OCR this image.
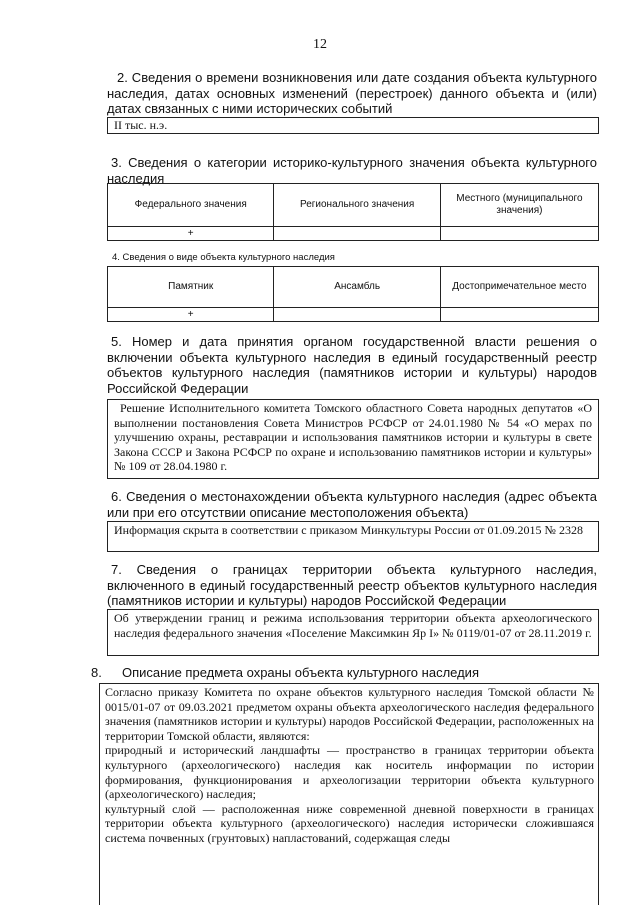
12
2. Сведения о времени возникновения или дате создания объекта культурного наследия, датах основных изменений (перестроек) данного объекта и (или) датах связанных с ними исторических событий
II тыс. н.э.
3. Сведения о категории историко-культурного значения объекта культурного наследия
Федерального значения	Регионального значения	Местного (муниципального значения)
+		
4. Сведения о виде объекта культурного наследия
Памятник	Ансамбль	Достопримечательное место
+		
5. Номер и дата принятия органом государственной власти решения о включении объекта культурного наследия в единый государственный реестр объектов культурного наследия (памятников истории и культуры) народов Российской Федерации
Решение Исполнительного комитета Томского областного Совета народных депутатов «О выполнении постановления Совета Министров РСФСР от 24.01.1980 № 54 «О мерах по улучшению охраны, реставрации и использования памятников истории и культуры в свете Закона СССР и Закона РСФСР по охране и использованию памятников истории и культуры» № 109 от 28.04.1980 г.
6. Сведения о местонахождении объекта культурного наследия (адрес объекта или при его отсутствии описание местоположения объекта)
Информация скрыта в соответствии с приказом Минкультуры России от 01.09.2015 № 2328
7. Сведения о границах территории объекта культурного наследия, включенного в единый государственный реестр объектов культурного наследия (памятников истории и культуры) народов Российской Федерации
Об утверждении границ и режима использования территории объекта археологического наследия федерального значения «Поселение Максимкин Яр I» № 0119/01-07 от 28.11.2019 г.
8.	Описание предмета охраны объекта культурного наследия

Согласно приказу Комитета по охране объектов культурного наследия Томской области № 0015/01-07 от 09.03.2021 предметом охраны объекта археологического наследия федерального значения (памятников истории и культуры) народов Российской Федерации, расположенных на территории Томской области, являются:

природный и исторический ландшафты — пространство в границах территории объекта культурного (археологического) наследия как носитель информации по истории формирования, функционирования и археологизации территории объекта культурного (археологического) наследия;

культурный слой — расположенная ниже современной дневной поверхности в границах территории объекта культурного (археологического) наследия исторически сложившаяся система почвенных (грунтовых) напластований, содержащая следы
